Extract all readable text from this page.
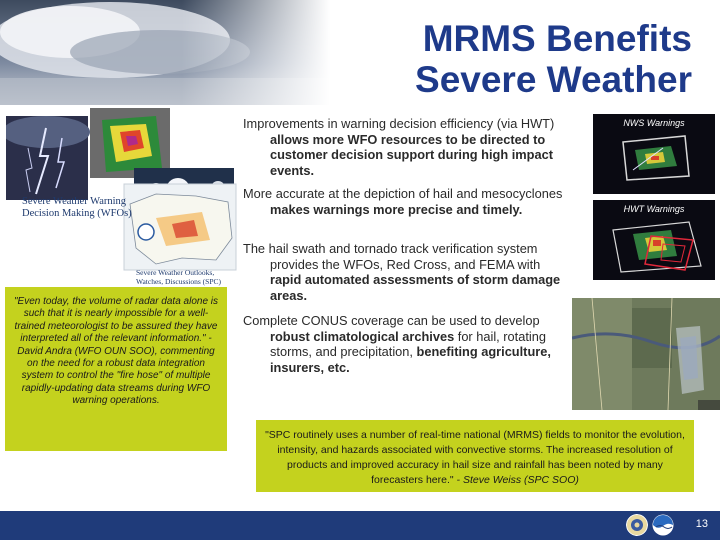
MRMS Benefits
Severe Weather
Severe Weather Warning Decision Making (WFOs)
Severe Weather Outlooks, Watches, Discussions (SPC)
"Even today, the volume of radar data alone is such that it is nearly impossible for a well-trained meteorologist to be assured they have interpreted all of the relevant information." - David Andra (WFO OUN SOO), commenting on the need for a robust data integration system to control the "fire hose" of multiple rapidly-updating data streams during WFO warning operations.
Improvements in warning decision efficiency (via HWT) allows more WFO resources to be directed to customer decision support during high impact events.
More accurate at the depiction of hail and mesocyclones makes warnings more precise and timely.
The hail swath and tornado track verification system provides the WFOs, Red Cross, and FEMA with rapid automated assessments of storm damage areas.
Complete CONUS coverage can be used to develop robust climatological archives for hail, rotating storms, and precipitation, benefiting agriculture, insurers, etc.
NWS Warnings
HWT Warnings
"SPC routinely uses a number of real-time national (MRMS) fields to monitor the evolution, intensity, and hazards associated with convective storms. The increased resolution of products and improved accuracy in hail size and rainfall has been noted by many forecasters here." - Steve Weiss (SPC SOO)
13
